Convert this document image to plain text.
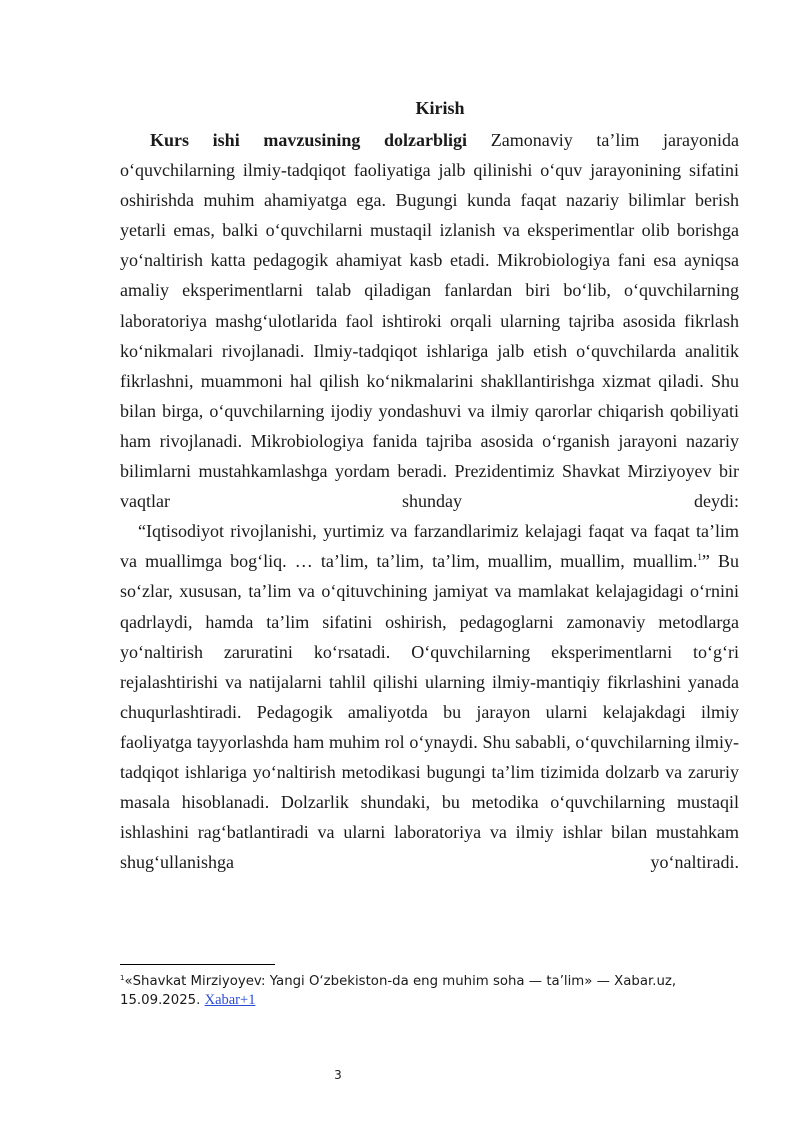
Kirish

Kurs ishi mavzusining dolzarbligi Zamonaviy ta’lim jarayonida o‘quvchilarning ilmiy-tadqiqot faoliyatiga jalb qilinishi o‘quv jarayonining sifatini oshirishda muhim ahamiyatga ega. Bugungi kunda faqat nazariy bilimlar berish yetarli emas, balki o‘quvchilarni mustaqil izlanish va eksperimentlar olib borishga yo‘naltirish katta pedagogik ahamiyat kasb etadi. Mikrobiologiya fani esa ayniqsa amaliy eksperimentlarni talab qiladigan fanlardan biri bo‘lib, o‘quvchilarning laboratoriya mashg‘ulotlarida faol ishtiroki orqali ularning tajriba asosida fikrlash ko‘nikmalari rivojlanadi. Ilmiy-tadqiqot ishlariga jalb etish o‘quvchilarda analitik fikrlashni, muammoni hal qilish ko‘nikmalarini shakllantirishga xizmat qiladi. Shu bilan birga, o‘quvchilarning ijodiy yondashuvi va ilmiy qarorlar chiqarish qobiliyati ham rivojlanadi. Mikrobiologiya fanida tajriba asosida o‘rganish jarayoni nazariy bilimlarni mustahkamlashga yordam beradi. Prezidentimiz Shavkat Mirziyoyev bir vaqtlar shunday deydi:

“Iqtisodiyot rivojlanishi, yurtimiz va farzandlarimiz kelajagi faqat va faqat ta’lim va muallimga bog‘liq. … ta’lim, ta’lim, ta’lim, muallim, muallim, muallim.$^1$” Bu so‘zlar, xususan, ta’lim va o‘qituvchining jamiyat va mamlakat kelajagidagi o‘rnini qadrlaydi, hamda ta’lim sifatini oshirish, pedagoglarni zamonaviy metodlarga yo‘naltirish zaruratini ko‘rsatadi. O‘quvchilarning eksperimentlarni to‘g‘ri rejalashtirishi va natijalarni tahlil qilishi ularning ilmiy-mantiqiy fikrlashini yanada chuqurlashtiradi. Pedagogik amaliyotda bu jarayon ularni kelajakdagi ilmiy faoliyatga tayyorlashda ham muhim rol o‘ynaydi. Shu sababli, o‘quvchilarning ilmiy-tadqiqot ishlariga yo‘naltirish metodikasi bugungi ta’lim tizimida dolzarb va zaruriy masala hisoblanadi. Dolzarlik shundaki, bu metodika o‘quvchilarning mustaqil ishlashini rag‘batlantiradi va ularni laboratoriya va ilmiy ishlar bilan mustahkam shug‘ullanishga yo‘naltiradi.

$^1$«Shavkat Mirziyoyev: Yangi O‘zbekiston-da eng muhim soha — ta’lim» — Xabar.uz, 15.09.2025. Xabar+1
3
